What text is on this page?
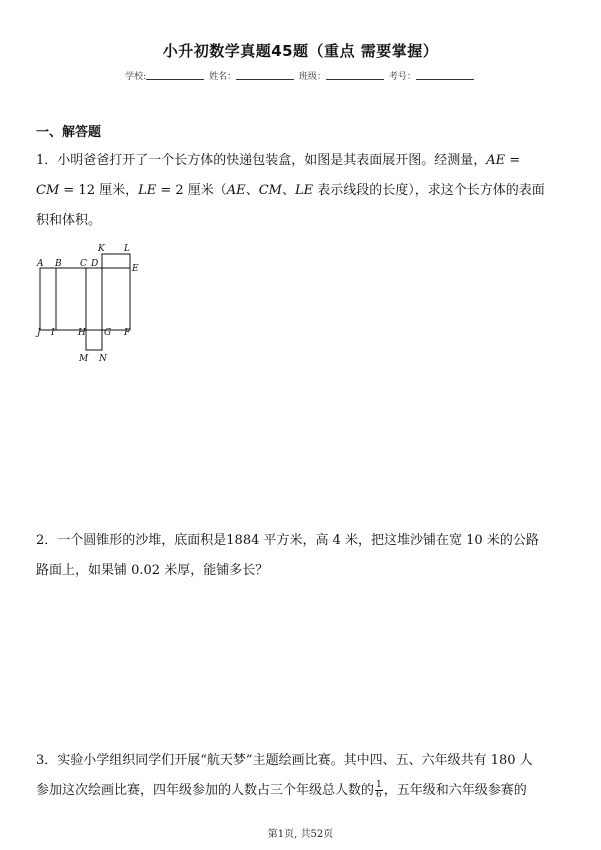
小升初数学真题45题（重点 需要掌握）
学校:	姓名：	班级：	考号：
一、解答题

1．小明爸爸打开了一个长方体的快递包装盒，如图是其表面展开图。经测量，AE =

CM = 12 厘米，LE = 2 厘米（AE、CM、LE 表示线段的长度），求这个长方体的表面

积和体积。

A B C D
K L
E
J I	H G F
M N

2．一个圆锥形的沙堆，底面积是1884 平方米，高 4 米，把这堆沙铺在宽 10 米的公路

路面上，如果铺 0.02 米厚，能铺多长？

3．实验小学组织同学们开展“航天梦”主题绘画比赛。其中四、五、六年级共有 180 人

参加这次绘画比赛，四年级参加的人数占三个年级总人数的 $\frac{1}{6}$ ，五年级和六年级参赛的

第1页, 共52页
